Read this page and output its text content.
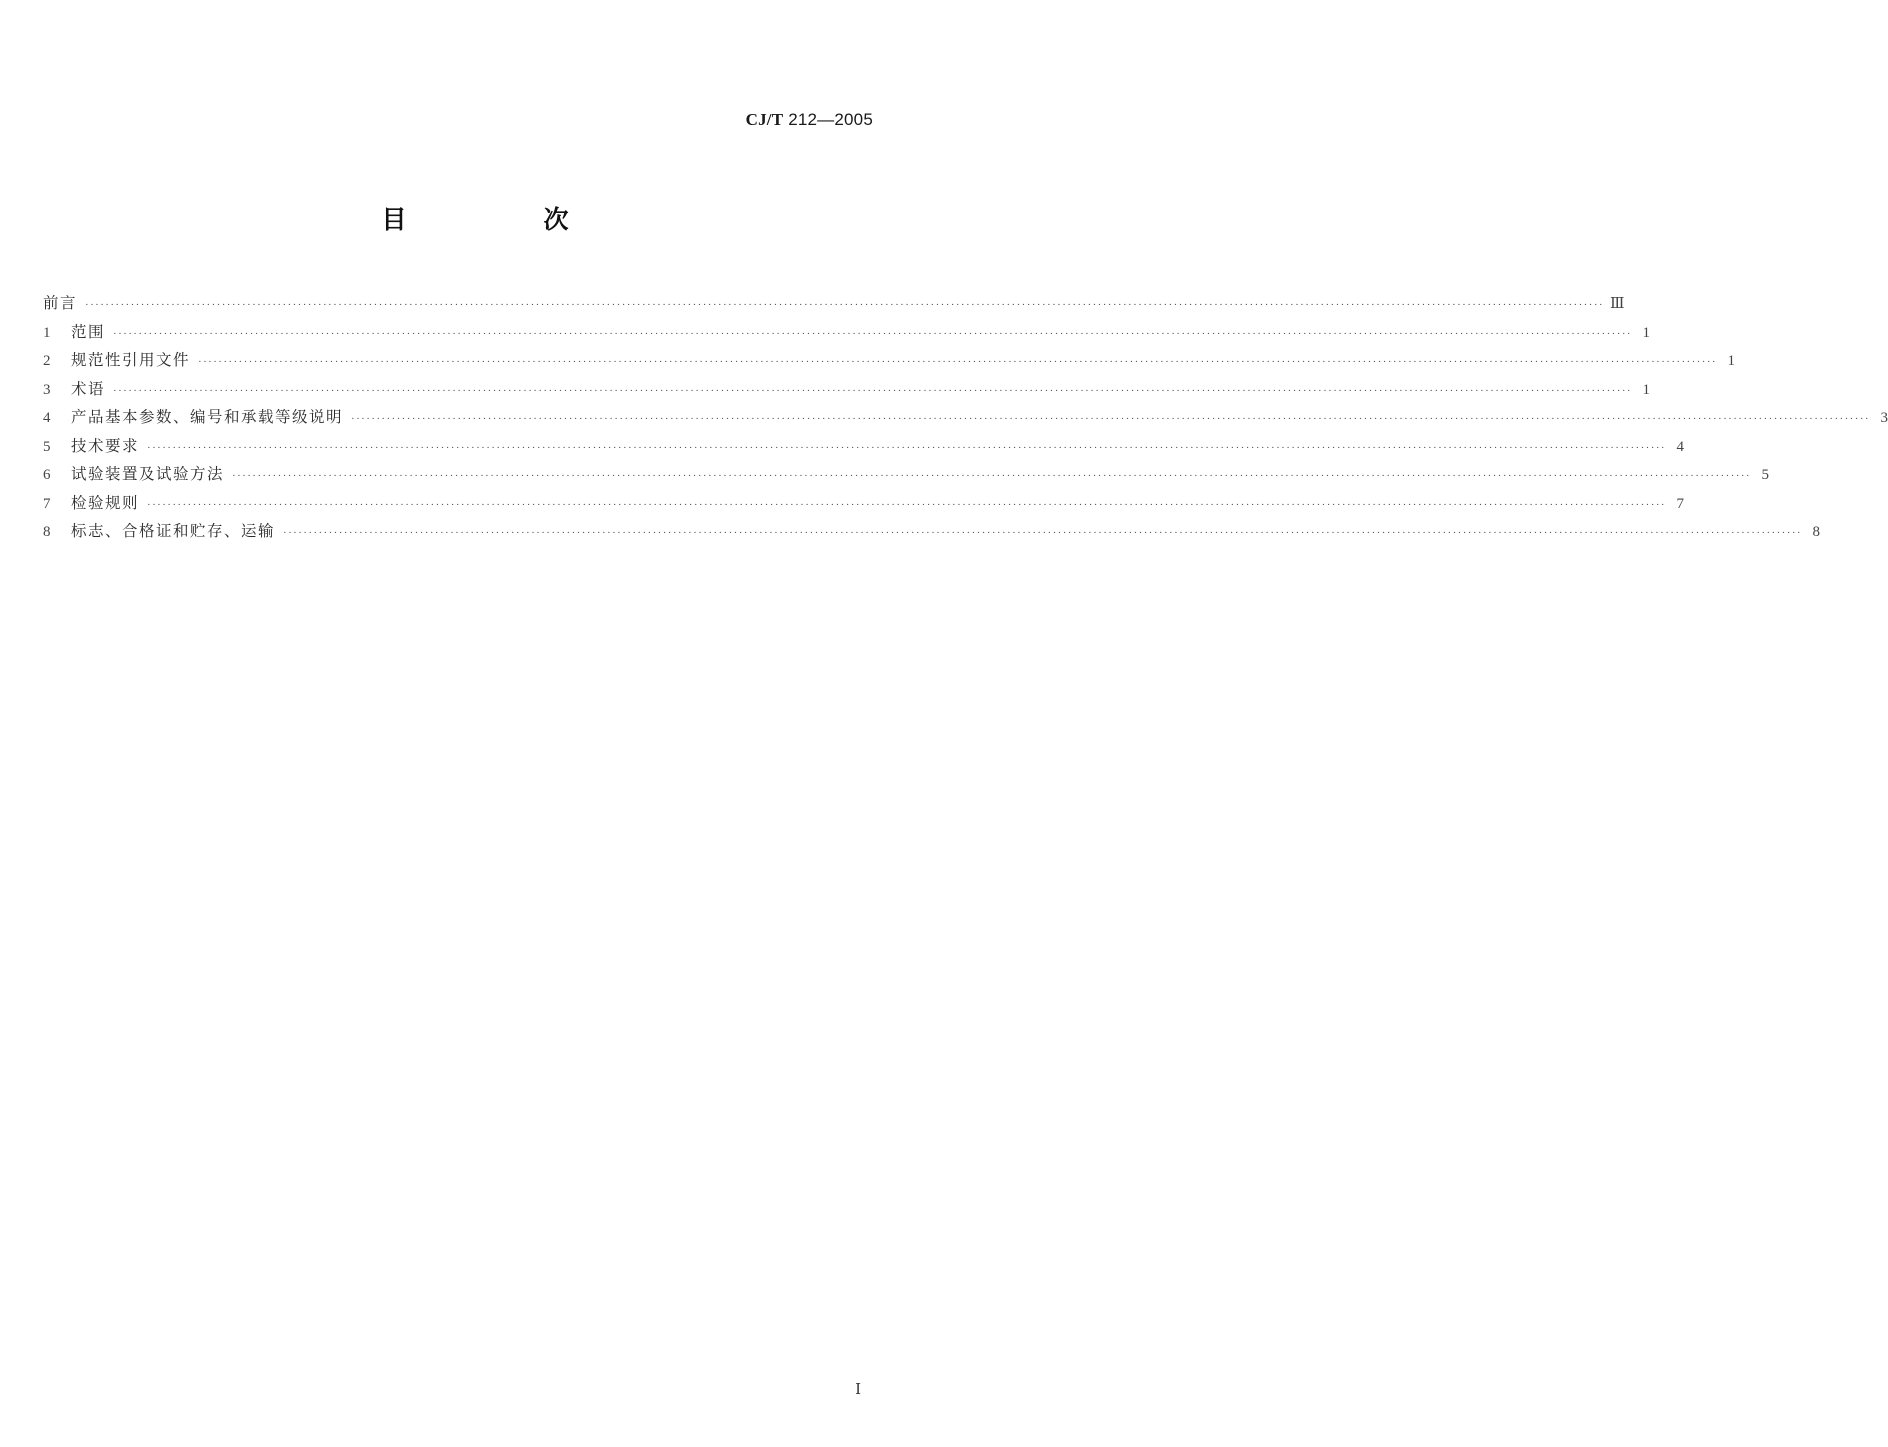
CJ/T 212—2005
目　次
前言 ············································································································································································································································································································ Ⅲ
1	范围 ············································································································································································································································································································ 1
2	规范性引用文件 ············································································································································································································································································································ 1
3	术语 ············································································································································································································································································································ 1
4	产品基本参数、编号和承载等级说明 ············································································································································································································································································································ 3
5	技术要求 ············································································································································································································································································································ 4
6	试验装置及试验方法 ············································································································································································································································································································ 5
7	检验规则 ············································································································································································································································································································ 7
8	标志、合格证和贮存、运输 ············································································································································································································································································································ 8
Ⅰ
